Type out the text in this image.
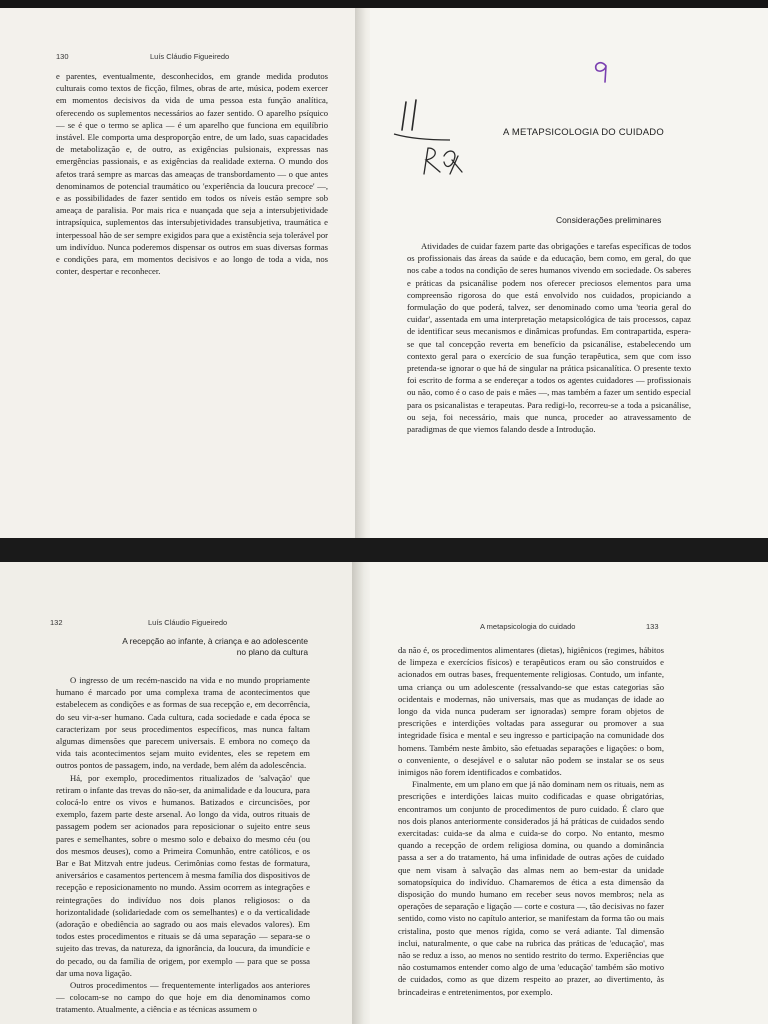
130	Luís Cláudio Figueiredo

e parentes, eventualmente, desconhecidos, em grande medida produtos culturais como textos de ficção, filmes, obras de arte, música, podem exercer em momentos decisivos da vida de uma pessoa esta função analítica, oferecendo os suplementos necessários ao fazer sentido. O aparelho psíquico — se é que o termo se aplica — é um aparelho que funciona em equilíbrio instável. Ele comporta uma desproporção entre, de um lado, suas capacidades de metabolização e, de outro, as exigências pulsionais, expressas nas emergências passionais, e as exigências da realidade externa. O mundo dos afetos trará sempre as marcas das ameaças de transbordamento — o que antes denominamos de potencial traumático ou 'experiência da loucura precoce' —, e as possibilidades de fazer sentido em todos os níveis estão sempre sob ameaça de paralisia. Por mais rica e nuançada que seja a intersubjetividade intrapsíquica, suplementos das intersubjetividades transubjetiva, traumática e interpessoal hão de ser sempre exigidos para que a existência seja tolerável por um indivíduo. Nunca poderemos dispensar os outros em suas diversas formas e condições para, em momentos decisivos e ao longo de toda a vida, nos conter, despertar e reconhecer.

A METAPSICOLOGIA DO CUIDADO
Considerações preliminares

Atividades de cuidar fazem parte das obrigações e tarefas específicas de todos os profissionais das áreas da saúde e da educação, bem como, em geral, do que nos cabe a todos na condição de seres humanos vivendo em sociedade. Os saberes e práticas da psicanálise podem nos oferecer preciosos elementos para uma compreensão rigorosa do que está envolvido nos cuidados, propiciando a formulação do que poderá, talvez, ser denominado como uma 'teoria geral do cuidar', assentada em uma interpretação metapsicológica de tais processos, capaz de identificar seus mecanismos e dinâmicas profundas. Em contrapartida, espera-se que tal concepção reverta em benefício da psicanálise, estabelecendo um contexto geral para o exercício de sua função terapêutica, sem que com isso pretenda-se ignorar o que há de singular na prática psicanalítica. O presente texto foi escrito de forma a se endereçar a todos os agentes cuidadores — profissionais ou não, como é o caso de pais e mães —, mas também a fazer um sentido especial para os psicanalistas e terapeutas. Para redigi-lo, recorreu-se a toda a psicanálise, ou seja, foi necessário, mais que nunca, proceder ao atravessamento de paradigmas de que viemos falando desde a Introdução.

132	Luís Cláudio Figueiredo
A recepção ao infante, à criança e ao adolescente
no plano da cultura

O ingresso de um recém-nascido na vida e no mundo propriamente humano é marcado por uma complexa trama de acontecimentos que estabelecem as condições e as formas de sua recepção e, em decorrência, do seu vir-a-ser humano. Cada cultura, cada sociedade e cada época se caracterizam por seus procedimentos específicos, mas nunca faltam algumas dimensões que parecem universais. E embora no começo da vida tais acontecimentos sejam muito evidentes, eles se repetem em outros pontos de passagem, indo, na verdade, bem além da adolescência.

Há, por exemplo, procedimentos ritualizados de 'salvação' que retiram o infante das trevas do não-ser, da animalidade e da loucura, para colocá-lo entre os vivos e humanos. Batizados e circuncisões, por exemplo, fazem parte deste arsenal. Ao longo da vida, outros rituais de passagem podem ser acionados para reposicionar o sujeito entre seus pares e semelhantes, sobre o mesmo solo e debaixo do mesmo céu (ou dos mesmos deuses), como a Primeira Comunhão, entre católicos, e os Bar e Bat Mitzvah entre judeus. Cerimônias como festas de formatura, aniversários e casamentos pertencem à mesma família dos dispositivos de recepção e reposicionamento no mundo. Assim ocorrem as integrações e reintegrações do indivíduo nos dois planos religiosos: o da horizontalidade (solidariedade com os semelhantes) e o da verticalidade (adoração e obediência ao sagrado ou aos mais elevados valores). Em todos estes procedimentos e rituais se dá uma separação — separa-se o sujeito das trevas, da natureza, da ignorância, da loucura, da imundície e do pecado, ou da família de origem, por exemplo — para que se possa dar uma nova ligação.

Outros procedimentos — frequentemente interligados aos anteriores — colocam-se no campo do que hoje em dia denominamos como tratamento. Atualmente, a ciência e as técnicas assumem o

A metapsicologia do cuidado	133

da não é, os procedimentos alimentares (dietas), higiênicos (regimes, hábitos de limpeza e exercícios físicos) e terapêuticos eram ou são construídos e acionados em outras bases, frequentemente religiosas. Contudo, um infante, uma criança ou um adolescente (ressalvando-se que estas categorias são ocidentais e modernas, não universais, mas que as mudanças de idade ao longo da vida nunca puderam ser ignoradas) sempre foram objetos de prescrições e interdições voltadas para assegurar ou promover a sua integridade física e mental e seu ingresso e participação na comunidade dos homens. Também neste âmbito, são efetuadas separações e ligações: o bom, o conveniente, o desejável e o salutar não podem se instalar se os seus inimigos não forem identificados e combatidos.

Finalmente, em um plano em que já não dominam nem os rituais, nem as prescrições e interdições laicas muito codificadas e quase obrigatórias, encontramos um conjunto de procedimentos de puro cuidado. É claro que nos dois planos anteriormente considerados já há práticas de cuidados sendo exercitadas: cuida-se da alma e cuida-se do corpo. No entanto, mesmo quando a recepção de ordem religiosa domina, ou quando a dominância passa a ser a do tratamento, há uma infinidade de outras ações de cuidado que nem visam à salvação das almas nem ao bem-estar da unidade somatopsíquica do indivíduo. Chamaremos de ética a esta dimensão da disposição do mundo humano em receber seus novos membros; nela as operações de separação e ligação — corte e costura —, tão decisivas no fazer sentido, como visto no capítulo anterior, se manifestam da forma tão ou mais cristalina, posto que menos rígida, como se verá adiante. Tal dimensão inclui, naturalmente, o que cabe na rubrica das práticas de 'educação', mas não se reduz a isso, ao menos no sentido restrito do termo. Experiências que não costumamos entender como algo de uma 'educação' também são motivo de cuidados, como as que dizem respeito ao prazer, ao divertimento, às brincadeiras e entretenimentos, por exemplo.
